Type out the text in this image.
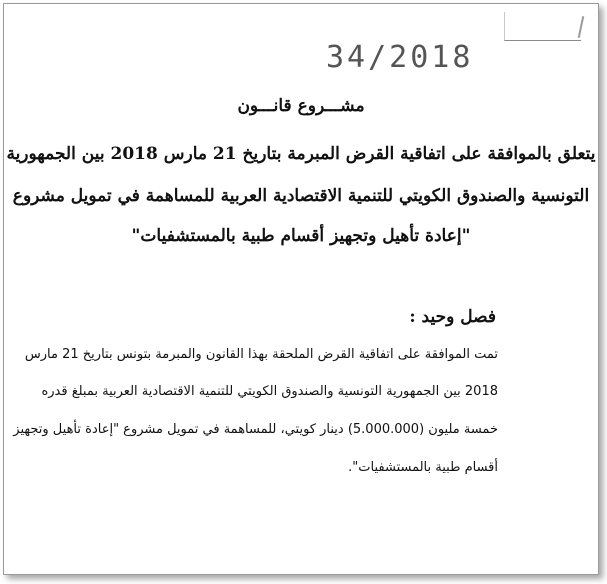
34/2018
مشـــروع قانـــون
يتعلق بالموافقة على اتفاقية القرض المبرمة بتاريخ 21 مارس 2018 بين الجمهورية
التونسية والصندوق الكويتي للتنمية الاقتصادية العربية للمساهمة في تمويل مشروع
"إعادة تأهيل وتجهيز أقسام طبية بالمستشفيات"
فصل وحيد :
تمت الموافقة على اتفاقية القرض الملحقة بهذا القانون والمبرمة بتونس بتاريخ 21 مارس
2018 بين الجمهورية التونسية والصندوق الكويتي للتنمية الاقتصادية العربية بمبلغ قدره
خمسة مليون (5.000.000) دينار كويتي، للمساهمة في تمويل مشروع "إعادة تأهيل وتجهيز
أقسام طبية بالمستشفيات".
